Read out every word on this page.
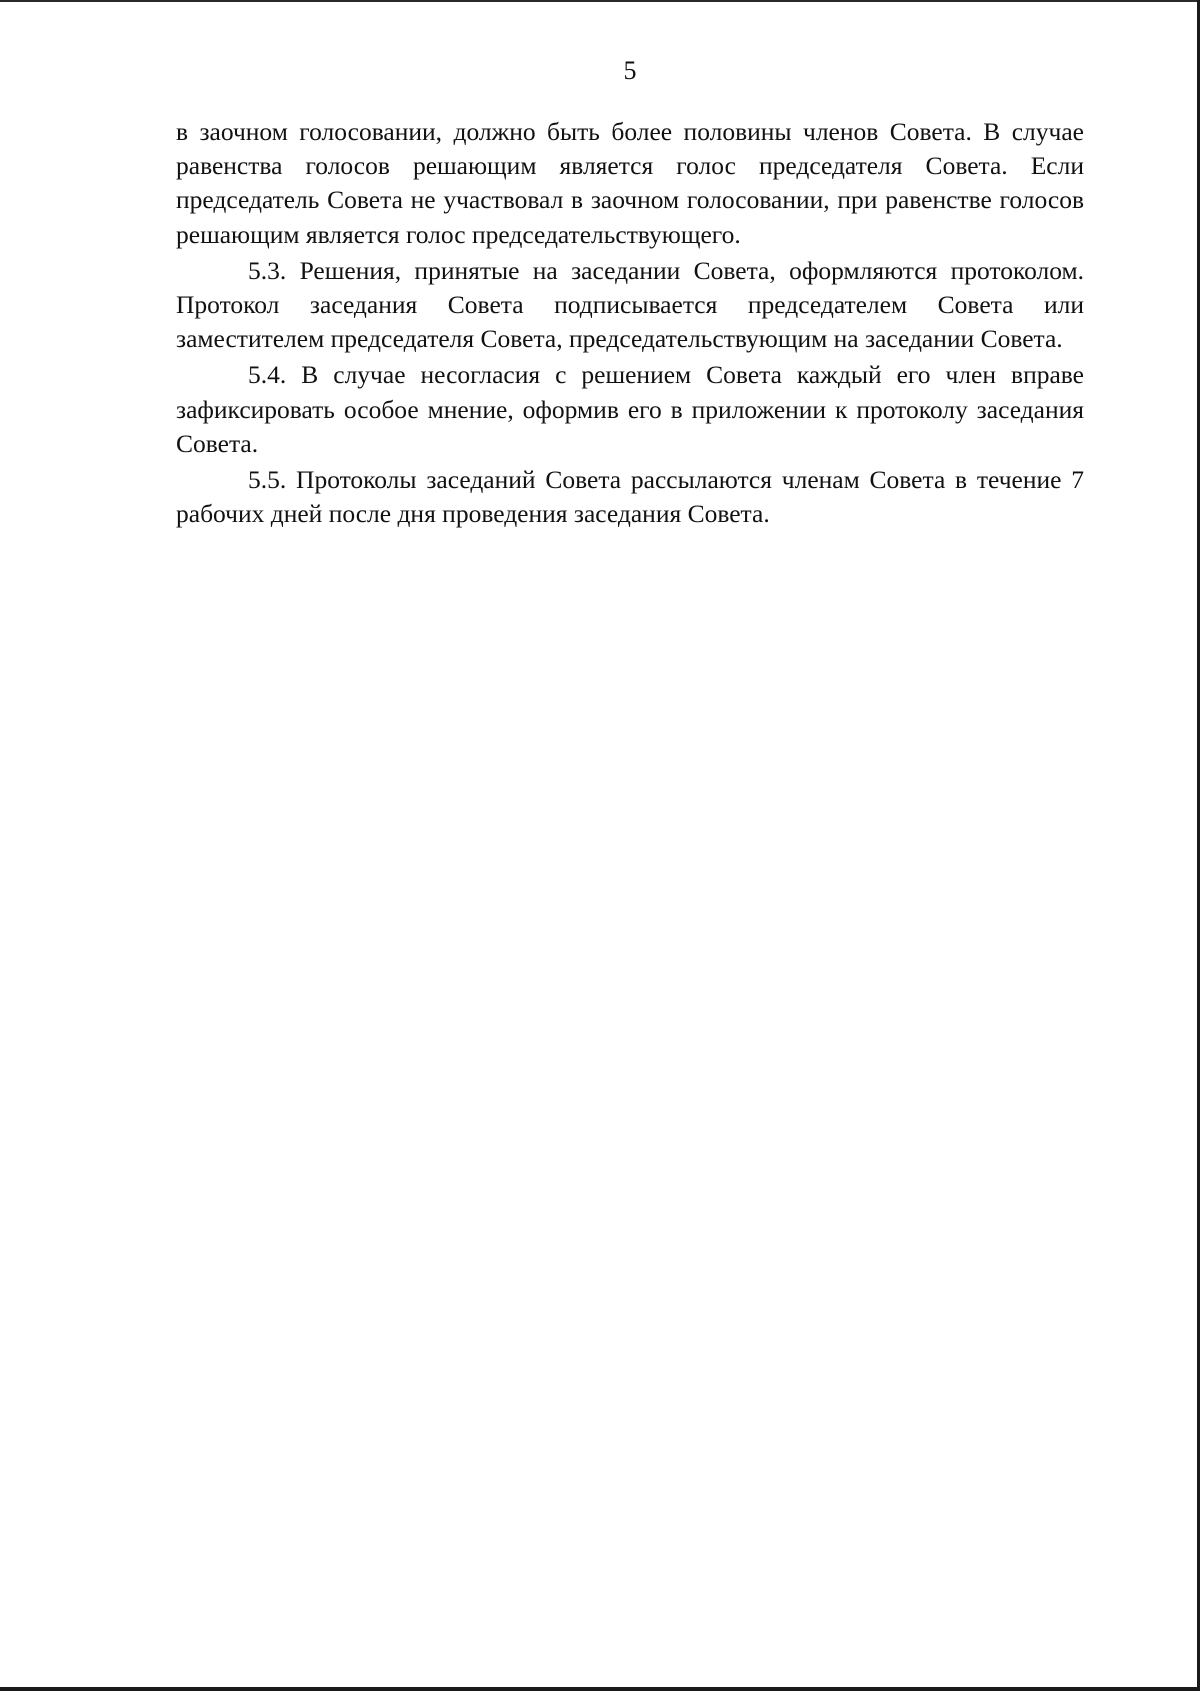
5

в заочном голосовании, должно быть более половины членов Совета. В случае равенства голосов решающим является голос председателя Совета. Если председатель Совета не участвовал в заочном голосовании, при равенстве голосов решающим является голос председательствующего.

5.3. Решения, принятые на заседании Совета, оформляются протоколом. Протокол заседания Совета подписывается председателем Совета или заместителем председателя Совета, председательствующим на заседании Совета.

5.4. В случае несогласия с решением Совета каждый его член вправе зафиксировать особое мнение, оформив его в приложении к протоколу заседания Совета.

5.5. Протоколы заседаний Совета рассылаются членам Совета в течение 7 рабочих дней после дня проведения заседания Совета.
